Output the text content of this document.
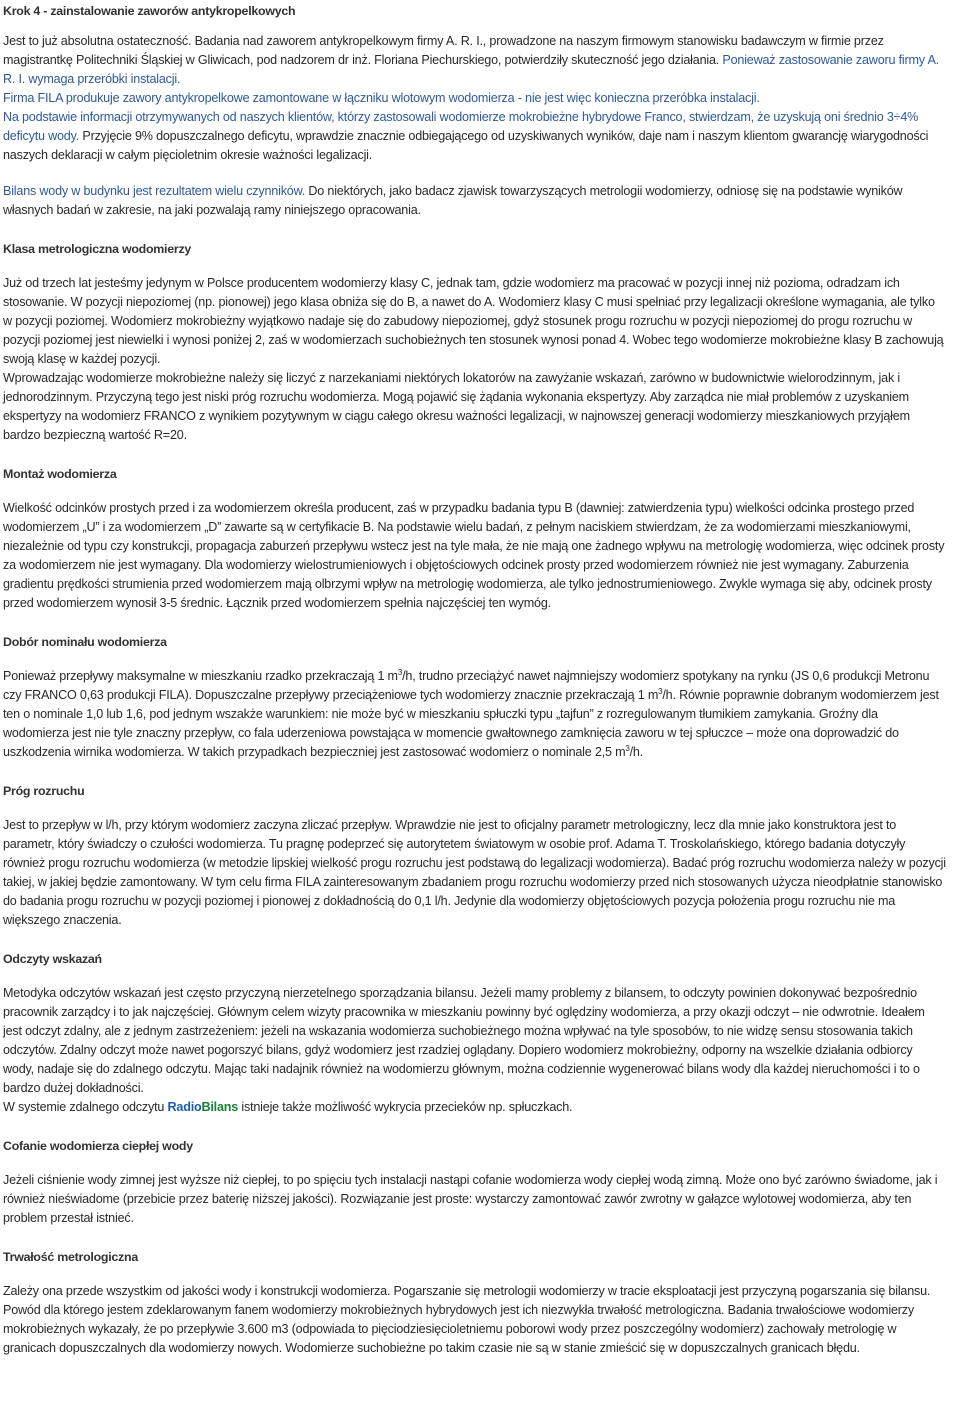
Krok 4 - zainstalowanie zaworów antykropelkowych

Jest to już absolutna ostateczność. Badania nad zaworem antykropelkowym firmy A. R. I., prowadzone na naszym firmowym stanowisku badawczym w firmie przez magistrantkę Politechniki Śląskiej w Gliwicach, pod nadzorem dr inż. Floriana Piechurskiego, potwierdziły skuteczność jego działania. Ponieważ zastosowanie zaworu firmy A. R. I. wymaga przeróbki instalacji.

Firma FILA produkuje zawory antykropelkowe zamontowane w łączniku wlotowym wodomierza - nie jest więc konieczna przeróbka instalacji.

Na podstawie informacji otrzymywanych od naszych klientów, którzy zastosowali wodomierze mokrobieżne hybrydowe Franco, stwierdzam, że uzyskują oni średnio 3÷4% deficytu wody. Przyjęcie 9% dopuszczalnego deficytu, wprawdzie znacznie odbiegającego od uzyskiwanych wyników, daje nam i naszym klientom gwarancję wiarygodności naszych deklaracji w całym pięcioletnim okresie ważności legalizacji.

Bilans wody w budynku jest rezultatem wielu czynników. Do niektórych, jako badacz zjawisk towarzyszących metrologii wodomierzy, odniosę się na podstawie wyników własnych badań w zakresie, na jaki pozwalają ramy niniejszego opracowania.

Klasa metrologiczna wodomierzy

Już od trzech lat jesteśmy jedynym w Polsce producentem wodomierzy klasy C, jednak tam, gdzie wodomierz ma pracować w pozycji innej niż pozioma, odradzam ich stosowanie. W pozycji niepoziomej (np. pionowej) jego klasa obniża się do B, a nawet do A. Wodomierz klasy C musi spełniać przy legalizacji określone wymagania, ale tylko w pozycji poziomej. Wodomierz mokrobieżny wyjątkowo nadaje się do zabudowy niepoziomej, gdyż stosunek progu rozruchu w pozycji niepoziomej do progu rozruchu w pozycji poziomej jest niewielki i wynosi poniżej 2, zaś w wodomierzach suchobieżnych ten stosunek wynosi ponad 4. Wobec tego wodomierze mokrobieżne klasy B zachowują swoją klasę w każdej pozycji.

Wprowadzając wodomierze mokrobieżne należy się liczyć z narzekaniami niektórych lokatorów na zawyżanie wskazań, zarówno w budownictwie wielorodzinnym, jak i jednorodzinnym. Przyczyną tego jest niski próg rozruchu wodomierza. Mogą pojawić się żądania wykonania ekspertyzy. Aby zarządca nie miał problemów z uzyskaniem ekspertyzy na wodomierz FRANCO z wynikiem pozytywnym w ciągu całego okresu ważności legalizacji, w najnowszej generacji wodomierzy mieszkaniowych przyjąłem bardzo bezpieczną wartość R=20.

Montaż wodomierza

Wielkość odcinków prostych przed i za wodomierzem określa producent, zaś w przypadku badania typu B (dawniej: zatwierdzenia typu) wielkości odcinka prostego przed wodomierzem „U” i za wodomierzem „D” zawarte są w certyfikacie B. Na podstawie wielu badań, z pełnym naciskiem stwierdzam, że za wodomierzami mieszkaniowymi, niezależnie od typu czy konstrukcji, propagacja zaburzeń przepływu wstecz jest na tyle mała, że nie mają one żadnego wpływu na metrologię wodomierza, więc odcinek prosty za wodomierzem nie jest wymagany. Dla wodomierzy wielostrumieniowych i objętościowych odcinek prosty przed wodomierzem również nie jest wymagany. Zaburzenia gradientu prędkości strumienia przed wodomierzem mają olbrzymi wpływ na metrologię wodomierza, ale tylko jednostrumieniowego. Zwykle wymaga się aby, odcinek prosty przed wodomierzem wynosił 3-5 średnic. Łącznik przed wodomierzem spełnia najczęściej ten wymóg.

Dobór nominału wodomierza

Ponieważ przepływy maksymalne w mieszkaniu rzadko przekraczają 1 $m^3/h$, trudno przeciążyć nawet najmniejszy wodomierz spotykany na rynku (JS 0,6 produkcji Metronu czy FRANCO 0,63 produkcji FILA). Dopuszczalne przepływy przeciążeniowe tych wodomierzy znacznie przekraczają 1 $m^3/h$. Równie poprawnie dobranym wodomierzem jest ten o nominale 1,0 lub 1,6, pod jednym wszakże warunkiem: nie może być w mieszkaniu spłuczki typu „tajfun” z rozregulowanym tłumikiem zamykania. Groźny dla wodomierza jest nie tyle znaczny przepływ, co fala uderzeniowa powstająca w momencie gwałtownego zamknięcia zaworu w tej spłuczce – może ona doprowadzić do uszkodzenia wirnika wodomierza. W takich przypadkach bezpieczniej jest zastosować wodomierz o nominale 2,5 $m^3/h$.

Próg rozruchu

Jest to przepływ w l/h, przy którym wodomierz zaczyna zliczać przepływ. Wprawdzie nie jest to oficjalny parametr metrologiczny, lecz dla mnie jako konstruktora jest to parametr, który świadczy o czułości wodomierza. Tu pragnę podeprzeć się autorytetem światowym w osobie prof. Adama T. Troskolańskiego, którego badania dotyczyły również progu rozruchu wodomierza (w metodzie lipskiej wielkość progu rozruchu jest podstawą do legalizacji wodomierza). Badać próg rozruchu wodomierza należy w pozycji takiej, w jakiej będzie zamontowany. W tym celu firma FILA zainteresowanym zbadaniem progu rozruchu wodomierzy przed nich stosowanych użycza nieodpłatnie stanowisko do badania progu rozruchu w pozycji poziomej i pionowej z dokładnością do 0,1 l/h. Jedynie dla wodomierzy objętościowych pozycja położenia progu rozruchu nie ma większego znaczenia.

Odczyty wskazań

Metodyka odczytów wskazań jest często przyczyną nierzetelnego sporządzania bilansu. Jeżeli mamy problemy z bilansem, to odczyty powinien dokonywać bezpośrednio pracownik zarządcy i to jak najczęściej. Głównym celem wizyty pracownika w mieszkaniu powinny być oględziny wodomierza, a przy okazji odczyt – nie odwrotnie. Ideałem jest odczyt zdalny, ale z jednym zastrzeżeniem: jeżeli na wskazania wodomierza suchobieżnego można wpływać na tyle sposobów, to nie widzę sensu stosowania takich odczytów. Zdalny odczyt może nawet pogorszyć bilans, gdyż wodomierz jest rzadziej oglądany. Dopiero wodomierz mokrobieżny, odporny na wszelkie działania odbiorcy wody, nadaje się do zdalnego odczytu. Mając taki nadajnik również na wodomierzu głównym, można codziennie wygenerować bilans wody dla każdej nieruchomości i to o bardzo dużej dokładności.

W systemie zdalnego odczytu RadioBilans istnieje także możliwość wykrycia przecieków np. spłuczkach.

Cofanie wodomierza ciepłej wody

Jeżeli ciśnienie wody zimnej jest wyższe niż ciepłej, to po spięciu tych instalacji nastąpi cofanie wodomierza wody ciepłej wodą zimną. Może ono być zarówno świadome, jak i również nieświadome (przebicie przez baterię niższej jakości). Rozwiązanie jest proste: wystarczy zamontować zawór zwrotny w gałązce wylotowej wodomierza, aby ten problem przestał istnieć.

Trwałość metrologiczna

Zależy ona przede wszystkim od jakości wody i konstrukcji wodomierza. Pogarszanie się metrologii wodomierzy w tracie eksploatacji jest przyczyną pogarszania się bilansu. Powód dla którego jestem zdeklarowanym fanem wodomierzy mokrobieżnych hybrydowych jest ich niezwykła trwałość metrologiczna. Badania trwałościowe wodomierzy mokrobieżnych wykazały, że po przepływie 3.600 m3 (odpowiada to pięciodziesięcioletniemu poborowi wody przez poszczególny wodomierz) zachowały metrologię w granicach dopuszczalnych dla wodomierzy nowych. Wodomierze suchobieżne po takim czasie nie są w stanie zmieścić się w dopuszczalnych granicach błędu.
